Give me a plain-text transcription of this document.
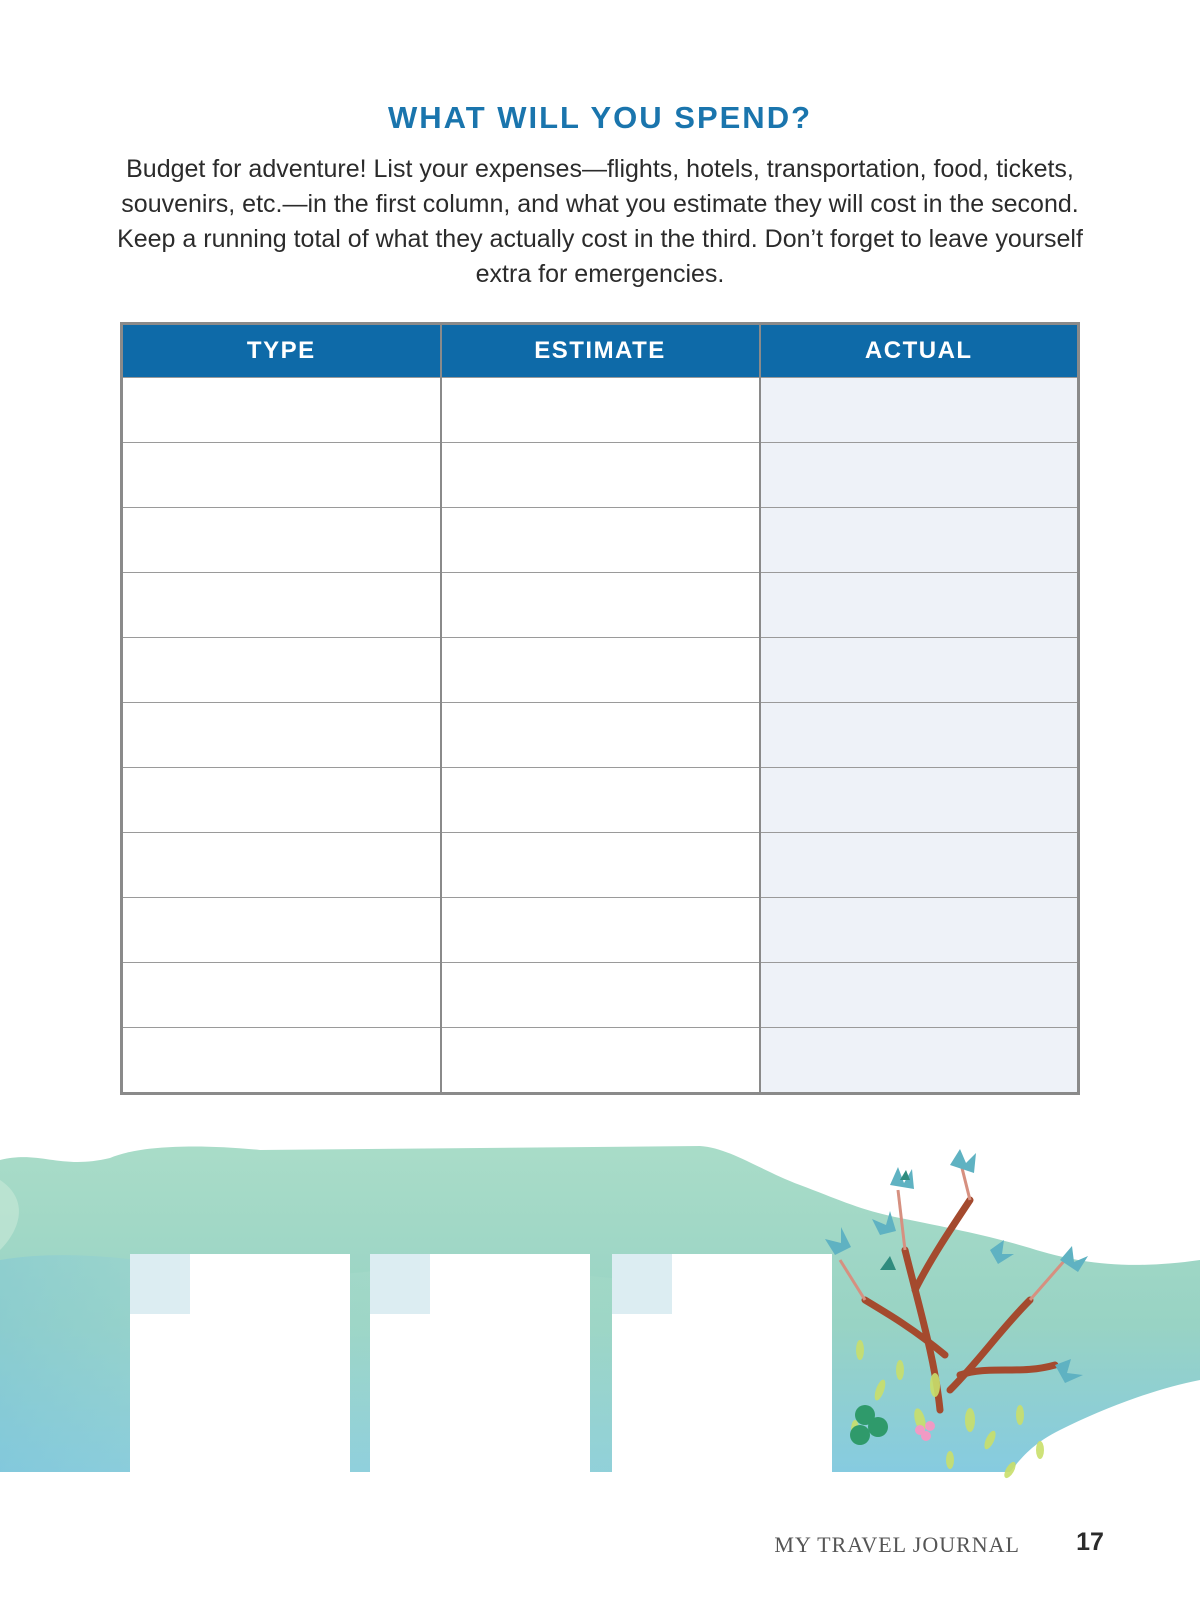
WHAT WILL YOU SPEND?

Budget for adventure! List your expenses—flights, hotels, transportation, food, tickets, souvenirs, etc.—in the first column, and what you estimate they will cost in the second. Keep a running total of what they actually cost in the third. Don’t forget to leave yourself extra for emergencies.

TYPE	ESTIMATE	ACTUAL

MY TRAVEL JOURNAL 17
